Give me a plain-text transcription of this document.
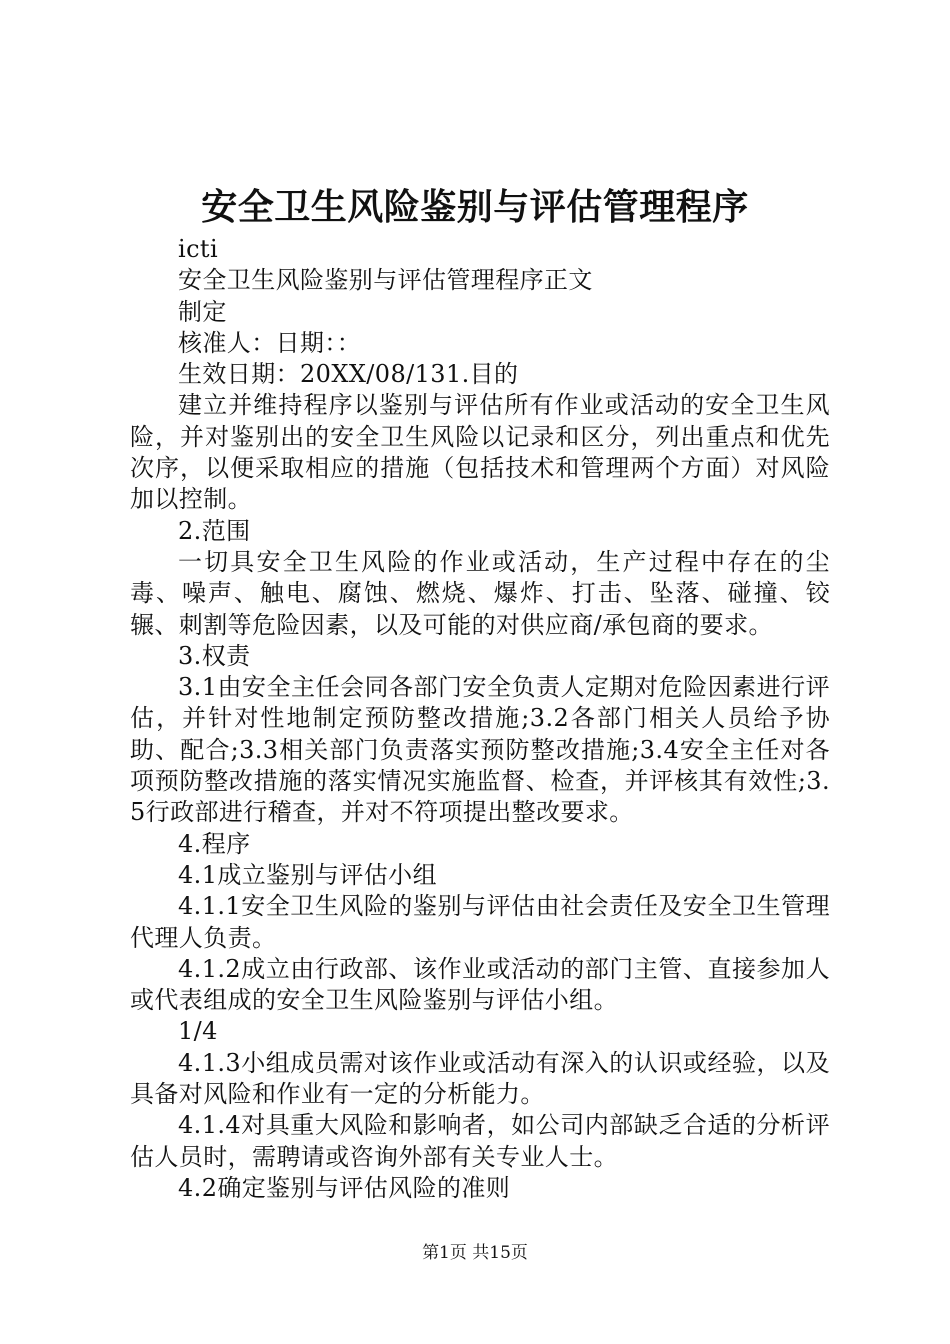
安全卫生风险鉴别与评估管理程序

icti

安全卫生风险鉴别与评估管理程序正文

制定

核准人：日期：：

生效日期：20XX/08/131.目的

建立并维持程序以鉴别与评估所有作业或活动的安全卫生风险，并对鉴别出的安全卫生风险以记录和区分，列出重点和优先次序，以便采取相应的措施（包括技术和管理两个方面）对风险加以控制。

2.范围

一切具安全卫生风险的作业或活动，生产过程中存在的尘毒、噪声、触电、腐蚀、燃烧、爆炸、打击、坠落、碰撞、铰辗、刺割等危险因素，以及可能的对供应商/承包商的要求。

3.权责

3.1由安全主任会同各部门安全负责人定期对危险因素进行评估，并针对性地制定预防整改措施;3.2各部门相关人员给予协助、配合;3.3相关部门负责落实预防整改措施;3.4安全主任对各项预防整改措施的落实情况实施监督、检查，并评核其有效性;3.5行政部进行稽查，并对不符项提出整改要求。

4.程序

4.1成立鉴别与评估小组

4.1.1安全卫生风险的鉴别与评估由社会责任及安全卫生管理代理人负责。

4.1.2成立由行政部、该作业或活动的部门主管、直接参加人或代表组成的安全卫生风险鉴别与评估小组。

1/4

4.1.3小组成员需对该作业或活动有深入的认识或经验，以及具备对风险和作业有一定的分析能力。

4.1.4对具重大风险和影响者，如公司内部缺乏合适的分析评估人员时，需聘请或咨询外部有关专业人士。

4.2确定鉴别与评估风险的准则

第1页 共15页
